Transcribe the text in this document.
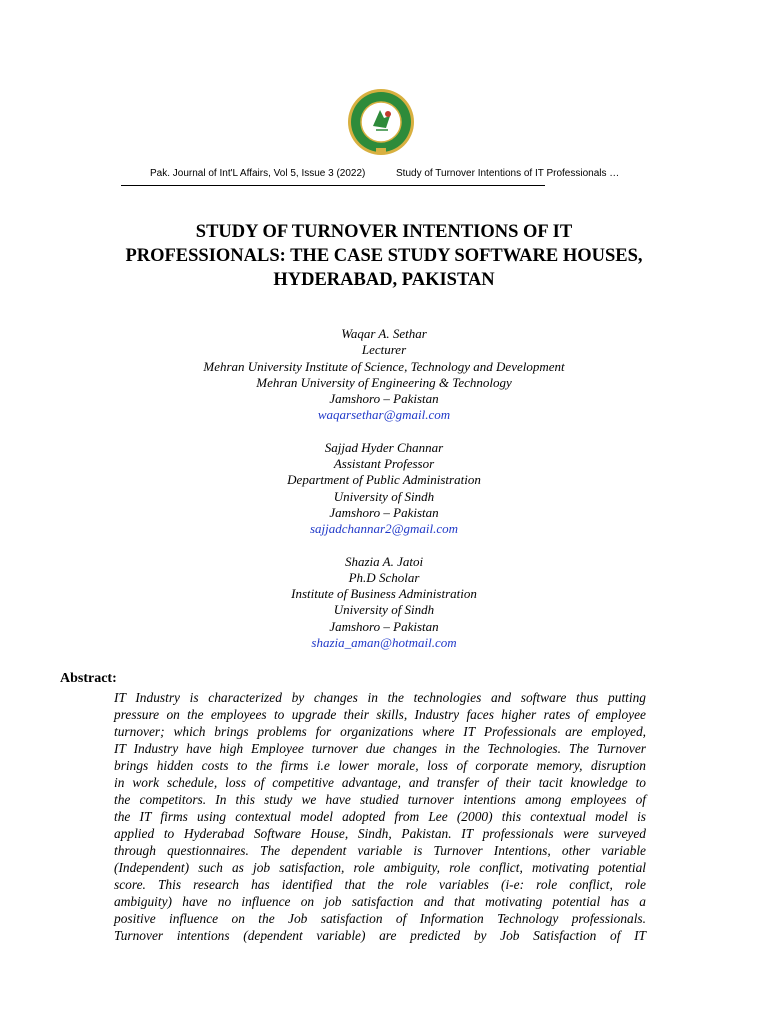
Pak. Journal of Int'L Affairs, Vol 5, Issue 3 (2022)	Study of Turnover Intentions of IT Professionals …
STUDY OF TURNOVER INTENTIONS OF IT
PROFESSIONALS: THE CASE STUDY SOFTWARE HOUSES,
HYDERABAD, PAKISTAN
Waqar A. Sethar
Lecturer
Mehran University Institute of Science, Technology and Development
Mehran University of Engineering & Technology
Jamshoro – Pakistan
waqarsethar@gmail.com
Sajjad Hyder Channar
Assistant Professor
Department of Public Administration
University of Sindh
Jamshoro – Pakistan
sajjadchannar2@gmail.com
Shazia A. Jatoi
Ph.D Scholar
Institute of Business Administration
University of Sindh
Jamshoro – Pakistan
shazia_aman@hotmail.com
Abstract:
IT Industry is characterized by changes in the technologies and software thus putting
pressure on the employees to upgrade their skills, Industry faces higher rates of employee
turnover; which brings problems for organizations where IT Professionals are employed,
IT Industry have high Employee turnover due changes in the Technologies. The Turnover
brings hidden costs to the firms i.e lower morale, loss of corporate memory, disruption
in work schedule, loss of competitive advantage, and transfer of their tacit knowledge to
the competitors. In this study we have studied turnover intentions among employees of
the IT firms using contextual model adopted from Lee (2000) this contextual model is
applied to Hyderabad Software House, Sindh, Pakistan. IT professionals were surveyed
through questionnaires. The dependent variable is Turnover Intentions, other variable
(Independent) such as job satisfaction, role ambiguity, role conflict, motivating potential
score. This research has identified that the role variables (i-e: role conflict, role
ambiguity) have no influence on job satisfaction and that motivating potential has a
positive influence on the Job satisfaction of Information Technology professionals.
Turnover intentions (dependent variable) are predicted by Job Satisfaction of IT
